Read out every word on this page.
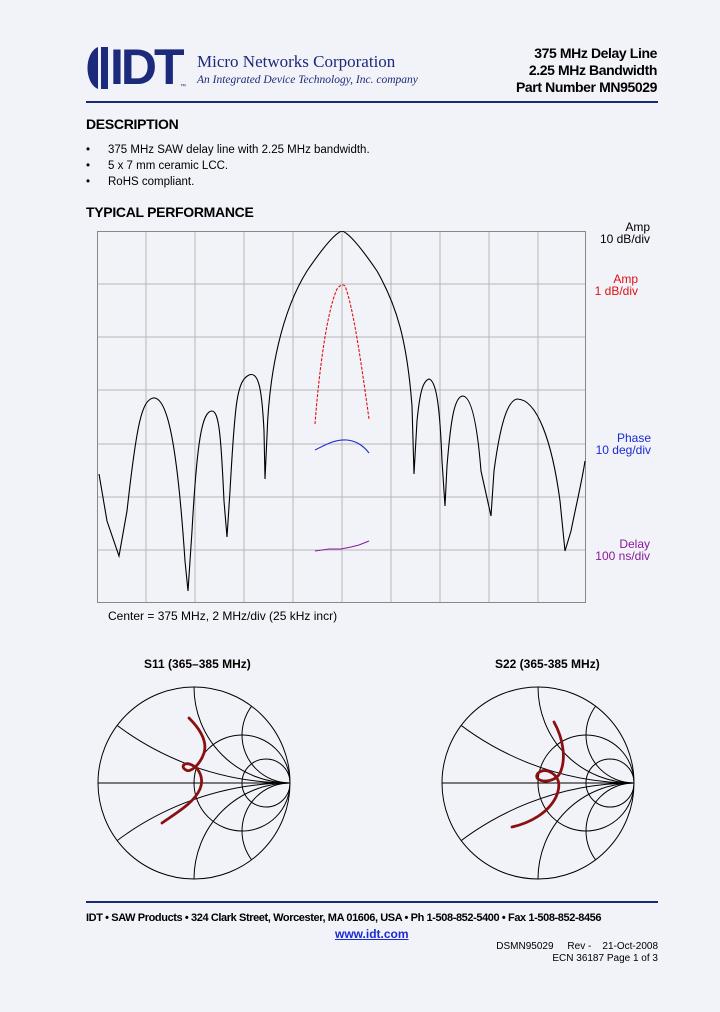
IDT
™
Micro Networks Corporation
An Integrated Device Technology, Inc. company
375 MHz Delay Line
2.25 MHz Bandwidth
Part Number MN95029
DESCRIPTION
• 375 MHz SAW delay line with 2.25 MHz bandwidth.
• 5 x 7 mm ceramic LCC.
• RoHS compliant.
TYPICAL PERFORMANCE
Amp
10 dB/div
Amp
1 dB/div
Phase
10 deg/div
Delay
100 ns/div
Center = 375 MHz, 2 MHz/div (25 kHz incr)
S11 (365–385 MHz)	S22 (365-385 MHz)
IDT • SAW Products • 324 Clark Street, Worcester, MA 01606, USA • Ph 1-508-852-5400 • Fax 1-508-852-8456
www.idt.com
DSMN95029     Rev -    21-Oct-2008
ECN 36187 Page 1 of 3
